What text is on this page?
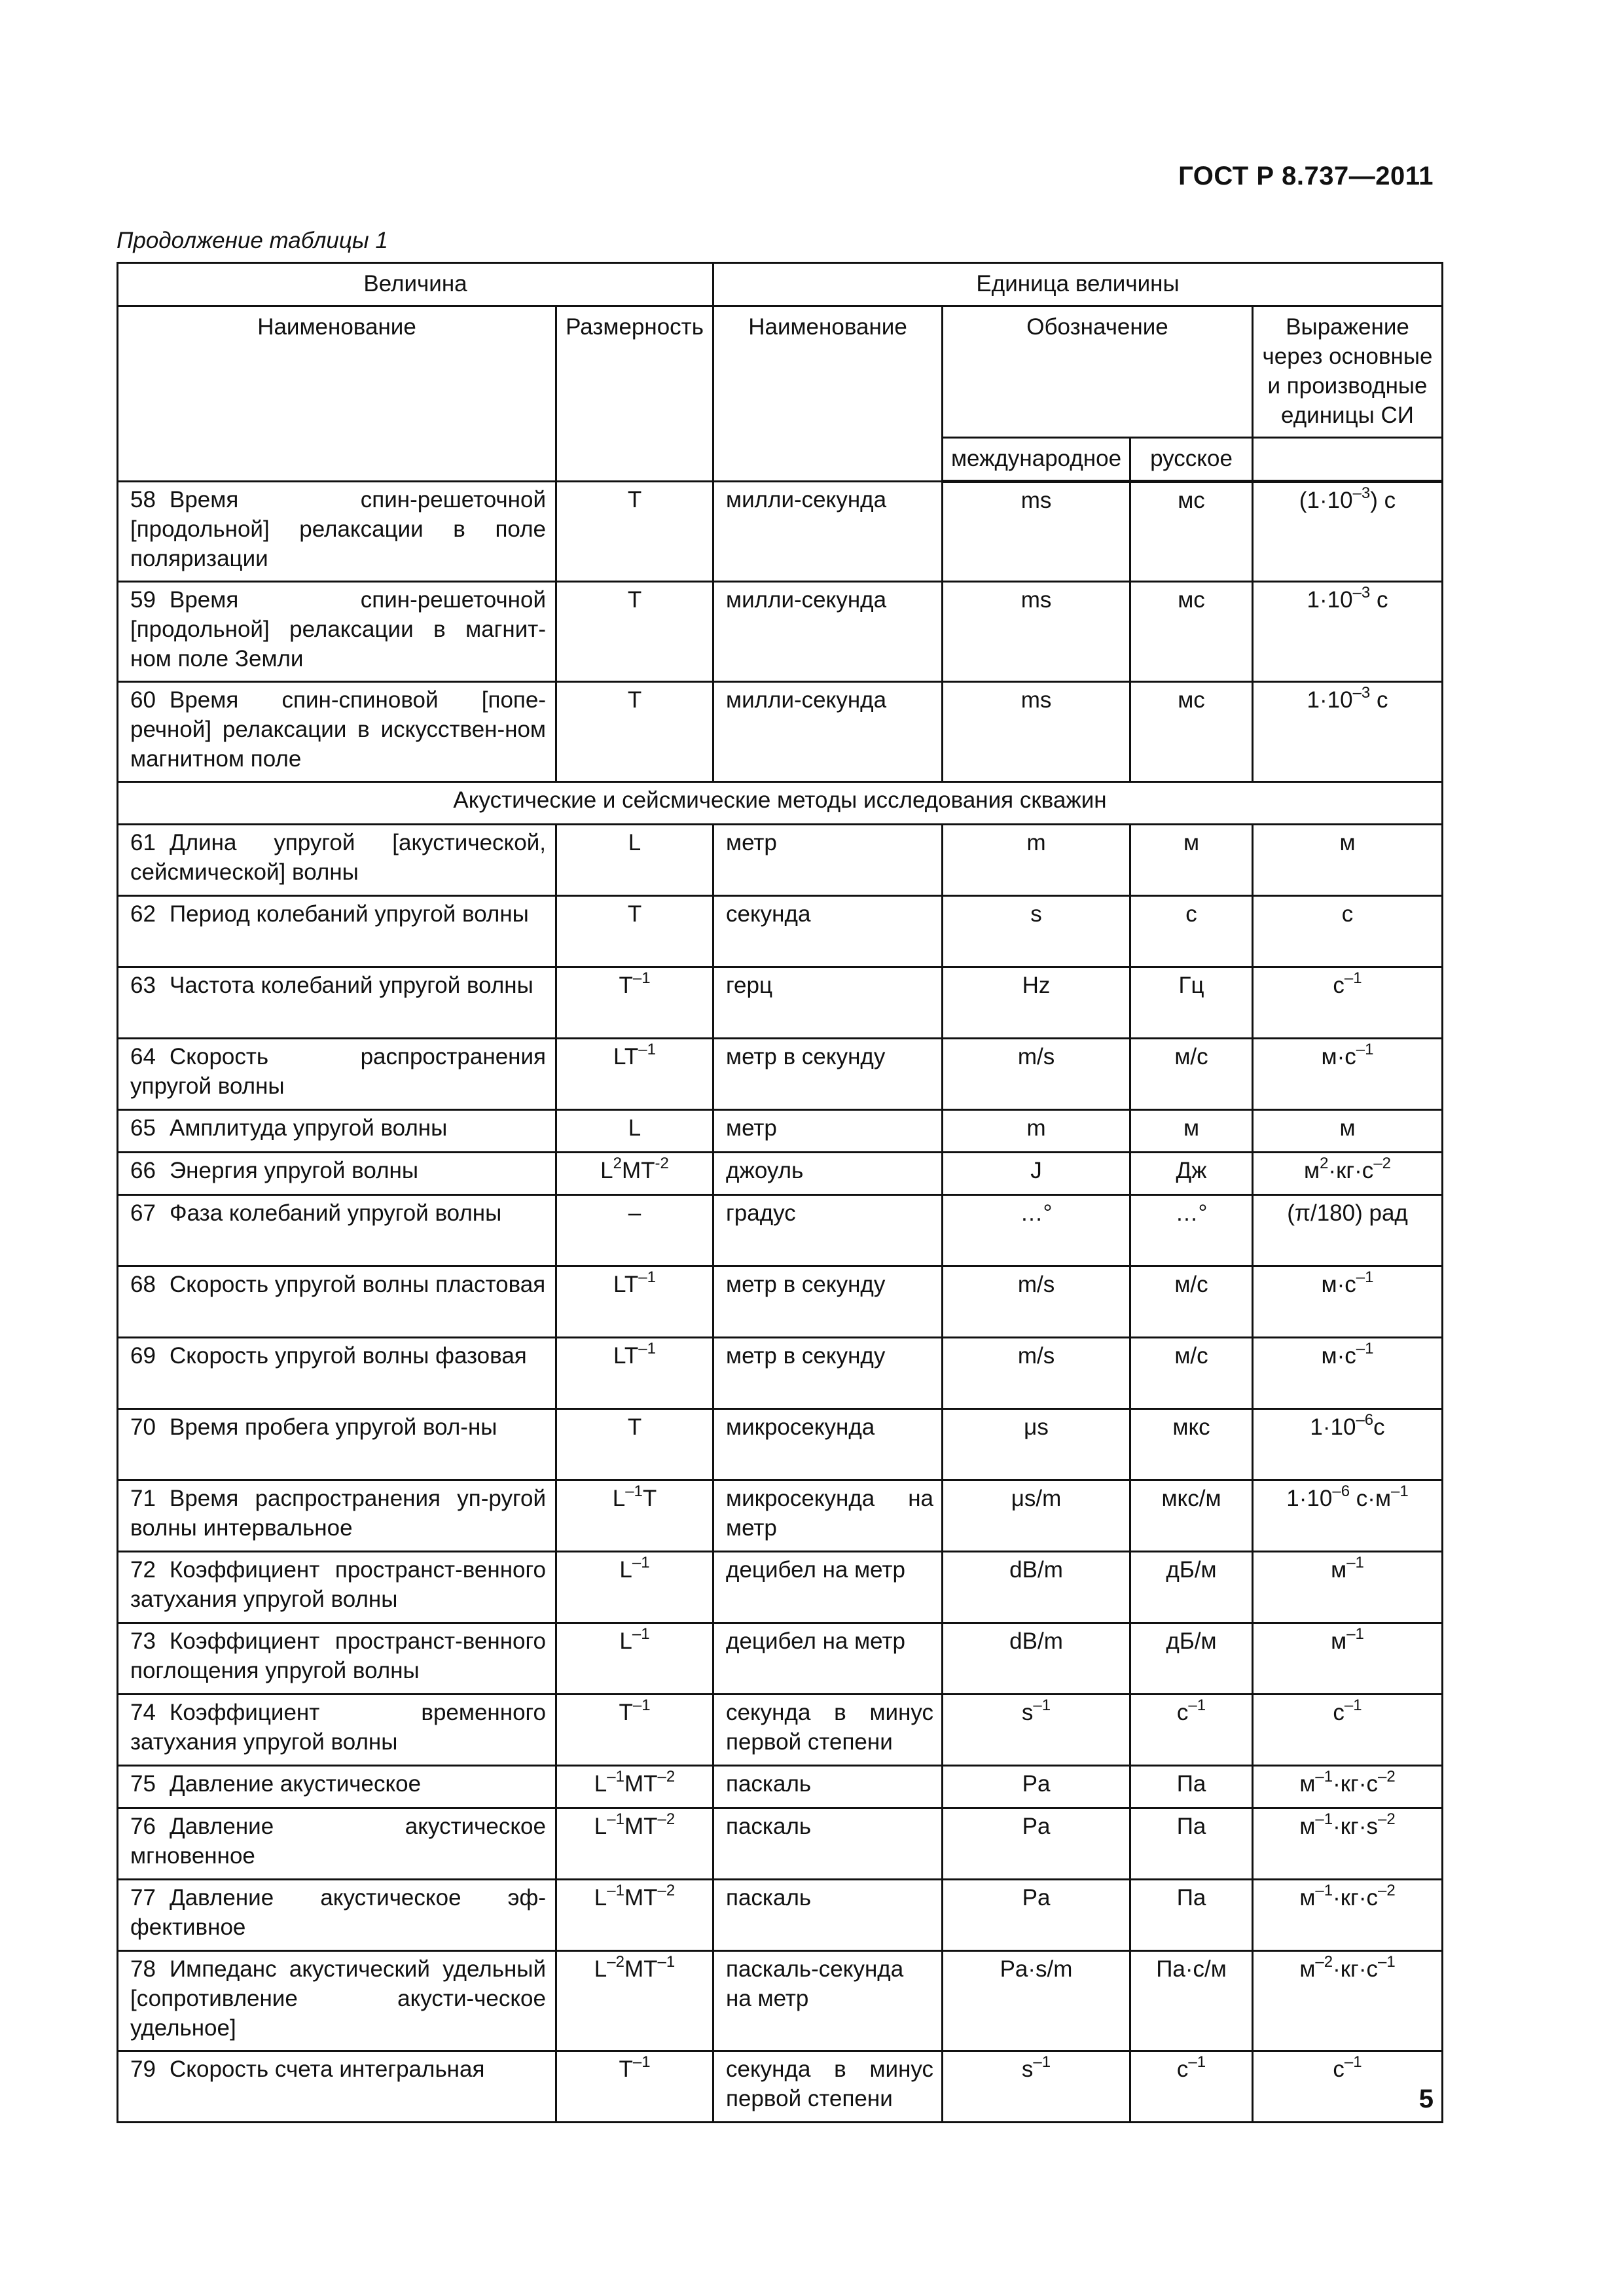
ГОСТ Р 8.737—2011
Продолжение таблицы 1
Величина		Единица величины			
Наименование	Размерность	Наименование	Обозначение		Выражение через основные и производные единицы СИ
			международное	русское	
58 Время спин-решеточной [продольной] релаксации в поле поляризации	T	милли-секунда	ms	мс	$(1\cdot 10^{-3})$ с
59 Время спин-решеточной [продольной] релаксации в магнит-ном поле Земли	T	милли-секунда	ms	мс	$1\cdot 10^{-3}$ с
60 Время спин-спиновой [попе-речной] релаксации в искусствен-ном магнитном поле	T	милли-секунда	ms	мс	$1\cdot 10^{-3}$ с
Акустические и сейсмические методы исследования скважин					
61 Длина упругой [акустической, сейсмической] волны	L	метр	m	м	м
62 Период колебаний упругой волны	T	секунда	s	с	с
63 Частота колебаний упругой волны	$T^{-1}$	герц	Hz	Гц	$с^{-1}$
64 Скорость распространения упругой волны	$LT^{-1}$	метр в секунду	m/s	м/с	$м\cdot с^{-1}$
65 Амплитуда упругой волны	L	метр	m	м	м
66 Энергия упругой волны	$L^2MT^{-2}$	джоуль	J	Дж	$м^2\cdot кг\cdot с^{-2}$
67 Фаза колебаний упругой волны	–	градус	…°	…°	(π/180) рад
68 Скорость упругой волны пластовая	$LT^{-1}$	метр в секунду	m/s	м/с	$м\cdot с^{-1}$
69 Скорость упругой волны фазовая	$LT^{-1}$	метр в секунду	m/s	м/с	$м\cdot с^{-1}$
70 Время пробега упругой вол-ны	T	микросекунда	μs	мкс	$1\cdot 10^{-6}с$
71 Время распространения уп-ругой волны интервальное	$L^{-1}T$	микросекунда на метр	μs/m	мкс/м	$1\cdot 10^{-6}$ $с\cdot м^{-1}$
72 Коэффициент пространст-венного затухания упругой волны	$L^{-1}$	децибел на метр	dB/m	дБ/м	$м^{-1}$
73 Коэффициент пространст-венного поглощения упругой волны	$L^{-1}$	децибел на метр	dB/m	дБ/м	$м^{-1}$
74 Коэффициент временного затухания упругой волны	$T^{-1}$	секунда в минус первой степени	$s^{-1}$	$с^{-1}$	$с^{-1}$
75 Давление акустическое	$L^{-1}MT^{-2}$	паскаль	Pa	Па	$м^{-1}\cdot кг\cdot с^{-2}$
76 Давление акустическое мгновенное	$L^{-1}MT^{-2}$	паскаль	Pa	Па	$м^{-1}\cdot кг\cdot s^{-2}$
77 Давление акустическое эф-фективное	$L^{-1}MT^{-2}$	паскаль	Pa	Па	$м^{-1}\cdot кг\cdot с^{-2}$
78 Импеданс акустический удельный [сопротивление акусти-ческое удельное]	$L^{-2}MT^{-1}$	паскаль-секунда на метр	Pa·s/m	Па·с/м	$м^{-2}\cdot кг\cdot с^{-1}$
79 Скорость счета интегральная	$T^{-1}$	секунда в минус первой степени	$s^{-1}$	$с^{-1}$	$с^{-1}$
5
